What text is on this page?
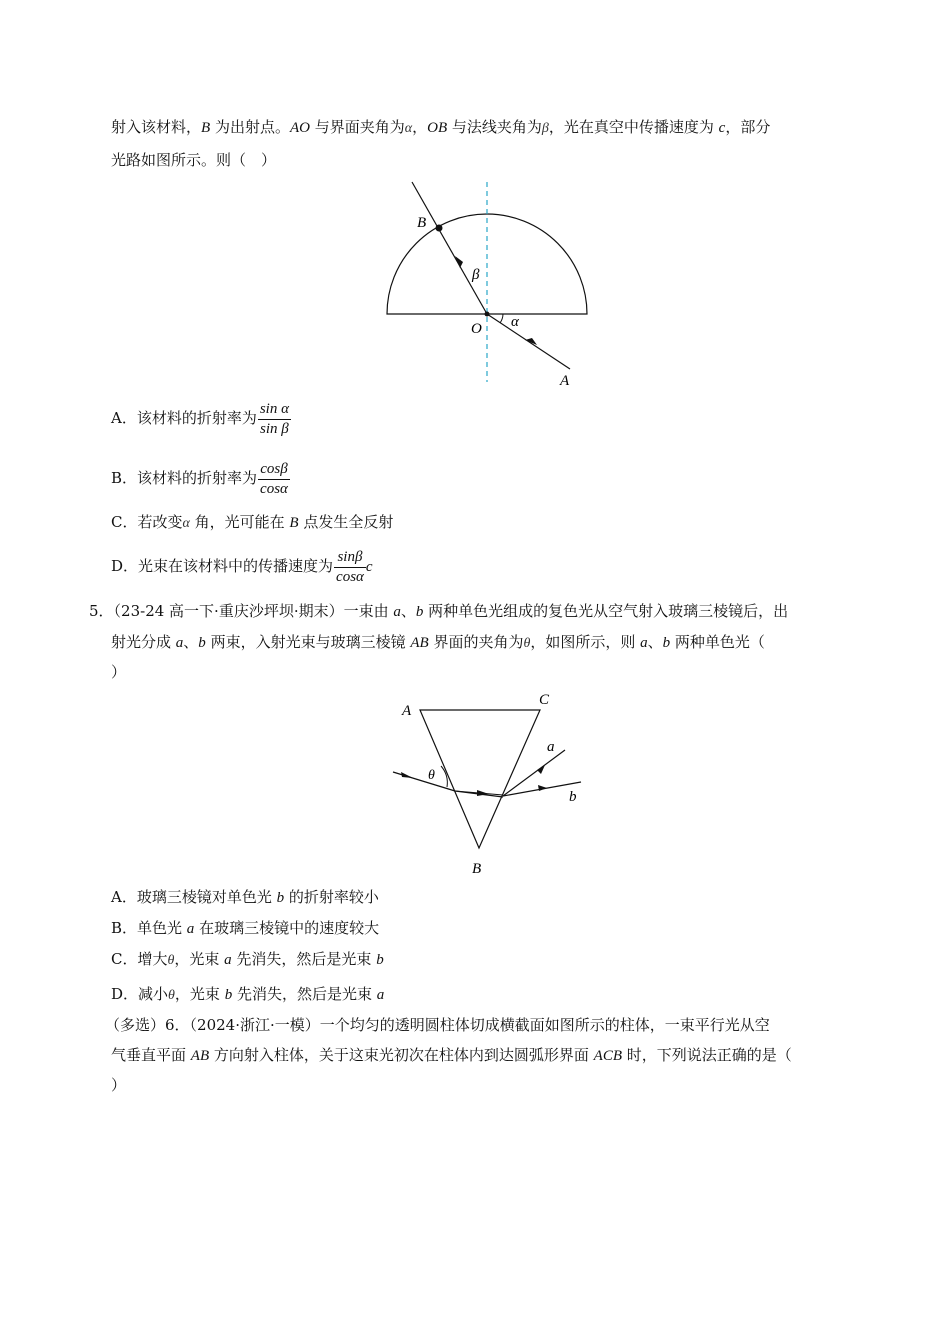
射入该材料，B 为出射点。AO 与界面夹角为α，OB 与法线夹角为β，光在真空中传播速度为 c，部分
光路如图所示。则（　）
B
β
O α
A
A．该材料的折射率为 $\frac{\text{sin α}}{\text{sin β}}$
B．该材料的折射率为 $\frac{\cos\beta}{\cos\alpha}$
C．若改变α 角，光可能在 B 点发生全反射
D．光束在该材料中的传播速度为 $\frac{\sin\beta}{\cos\alpha}$ c
5．（23-24 高一下·重庆沙坪坝·期末）一束由 a、b 两种单色光组成的复色光从空气射入玻璃三棱镜后，出
射光分成 a、b 两束，入射光束与玻璃三棱镜 AB 界面的夹角为θ，如图所示，则 a、b 两种单色光（
）
A
C
a
θ
b
B
A．玻璃三棱镜对单色光 b 的折射率较小
B．单色光 a 在玻璃三棱镜中的速度较大
C．增大θ，光束 a 先消失，然后是光束 b
D．减小θ，光束 b 先消失，然后是光束 a
（多选）6．（2024·浙江·一模）一个均匀的透明圆柱体切成横截面如图所示的柱体，一束平行光从空
气垂直平面 AB 方向射入柱体，关于这束光初次在柱体内到达圆弧形界面 ACB 时，下列说法正确的是（
）
